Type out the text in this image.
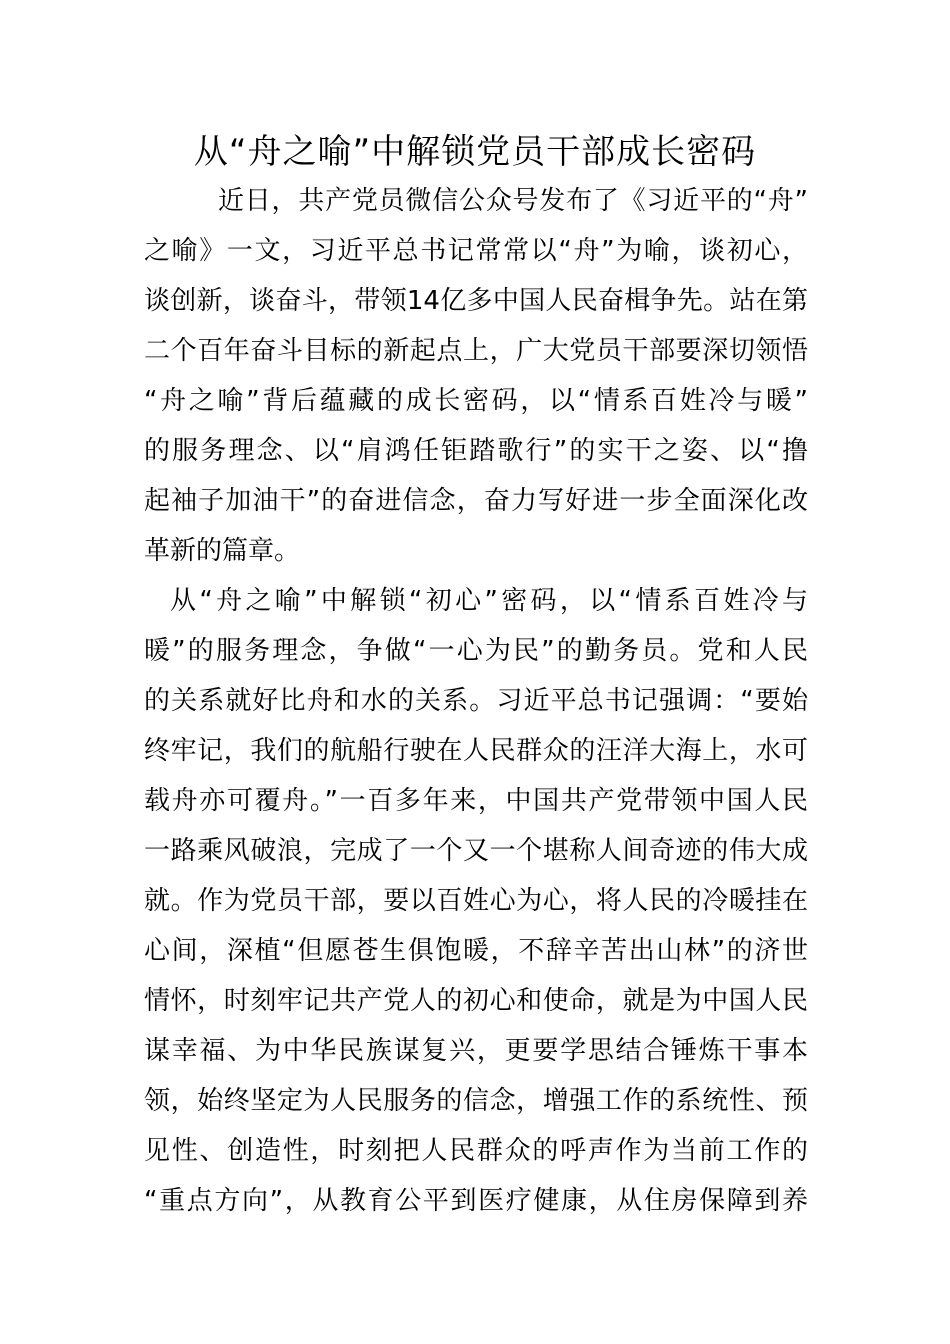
从“舟之喻”中解锁党员干部成长密码
近日，共产党员微信公众号发布了《习近平的“舟”
之喻》一文，习近平总书记常常以“舟”为喻，谈初心，
谈创新，谈奋斗，带领14亿多中国人民奋楫争先。站在第
二个百年奋斗目标的新起点上，广大党员干部要深切领悟
“舟之喻”背后蕴藏的成长密码，以“情系百姓冷与暖”
的服务理念、以“肩鸿任钜踏歌行”的实干之姿、以“撸
起袖子加油干”的奋进信念，奋力写好进一步全面深化改
革新的篇章。
从“舟之喻”中解锁“初心”密码，以“情系百姓冷与
暖”的服务理念，争做“一心为民”的勤务员。党和人民
的关系就好比舟和水的关系。习近平总书记强调：“要始
终牢记，我们的航船行驶在人民群众的汪洋大海上，水可
载舟亦可覆舟。”一百多年来，中国共产党带领中国人民
一路乘风破浪，完成了一个又一个堪称人间奇迹的伟大成
就。作为党员干部，要以百姓心为心，将人民的冷暖挂在
心间，深植“但愿苍生俱饱暖，不辞辛苦出山林”的济世
情怀，时刻牢记共产党人的初心和使命，就是为中国人民
谋幸福、为中华民族谋复兴，更要学思结合锤炼干事本
领，始终坚定为人民服务的信念，增强工作的系统性、预
见性、创造性，时刻把人民群众的呼声作为当前工作的
“重点方向”，从教育公平到医疗健康，从住房保障到养
